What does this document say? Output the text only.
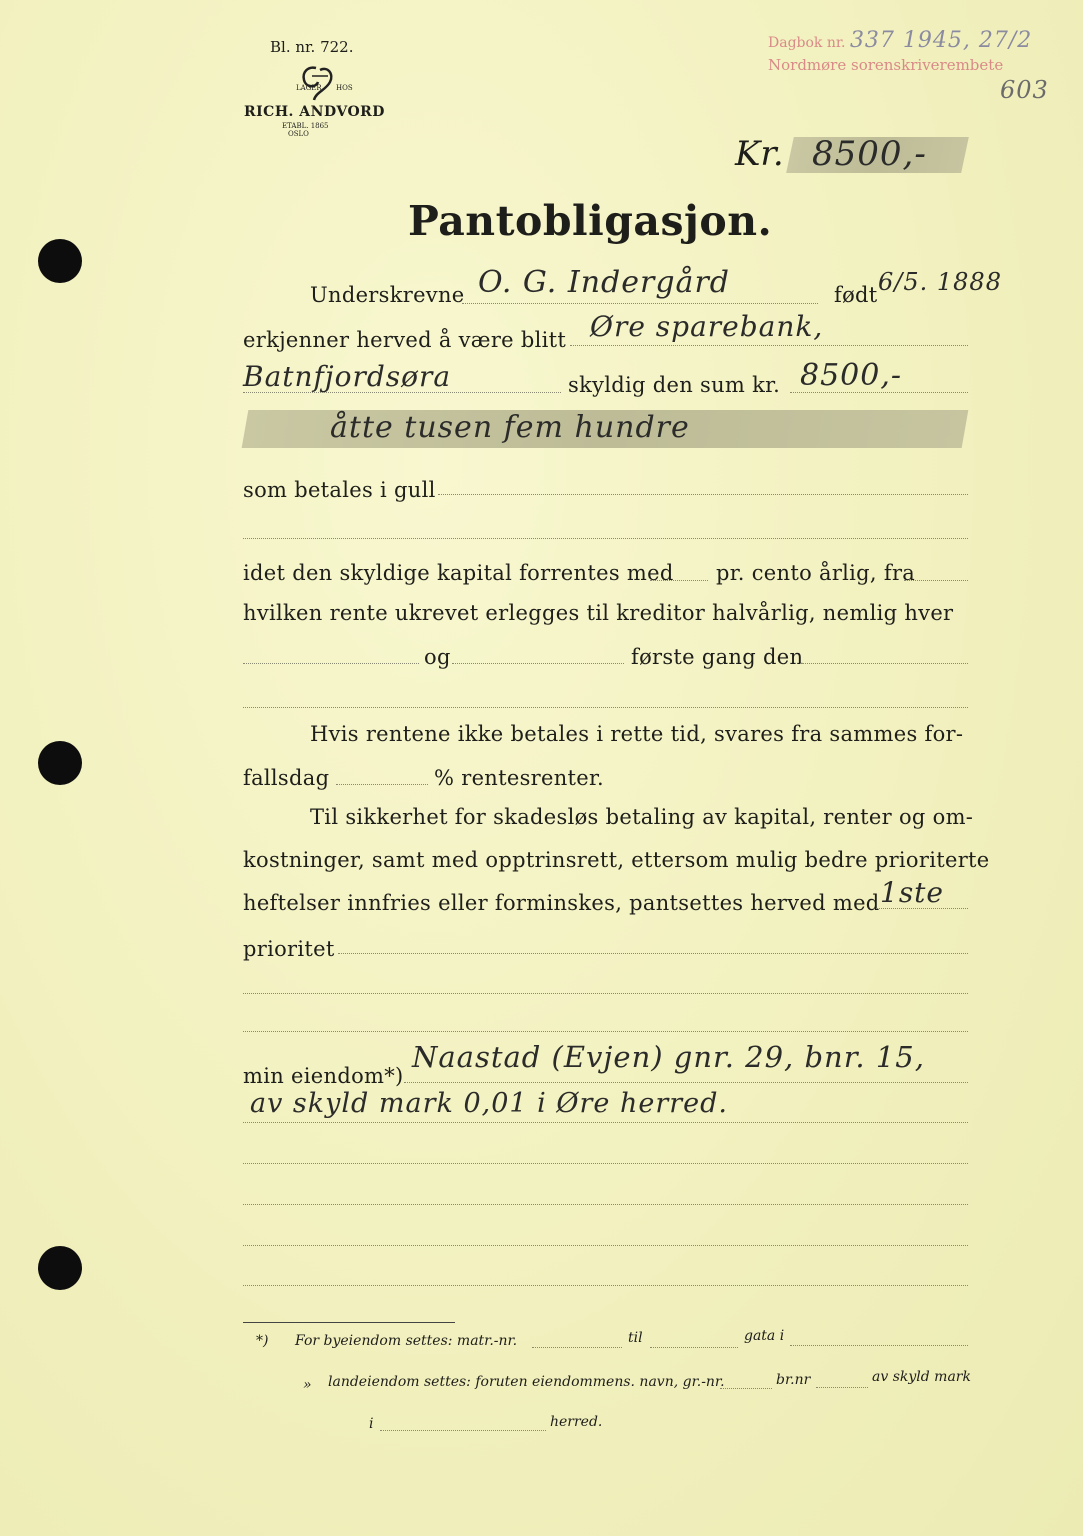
Bl. nr. 722.
LAGER HOS
RICH. ANDVORD
ETABL. 1865
OSLO
Dagbok nr. 337 1945, 27/2
Nordmøre sorenskriverembete
603
Kr. 8500,-
Pantobligasjon.
Underskrevne O. G. Indergård	født 6/5. 1888
erkjenner herved å være blitt Øre sparebank,
Batnfjordsøra	skyldig den sum kr. 8500,-
åtte tusen fem hundre
som betales i gull
idet den skyldige kapital forrentes med pr. cento årlig, fra
hvilken rente ukrevet erlegges til kreditor halvårlig, nemlig hver
og	første gang den
Hvis rentene ikke betales i rette tid, svares fra sammes for-
fallsdag	% rentesrenter.
Til sikkerhet for skadesløs betaling av kapital, renter og om-
kostninger, samt med opptrinsrett, ettersom mulig bedre prioriterte
heftelser innfries eller forminskes, pantsettes herved med 1ste
prioritet
min eiendom*)
Naastad (Evjen) gnr. 29, bnr. 15,
av skyld mark 0,01 i Øre herred.
*) For byeiendom settes: matr.-nr.	til	gata i
» landeiendom settes: foruten eiendommens. navn, gr.-nr.	br.nr	av skyld mark
i	herred.
